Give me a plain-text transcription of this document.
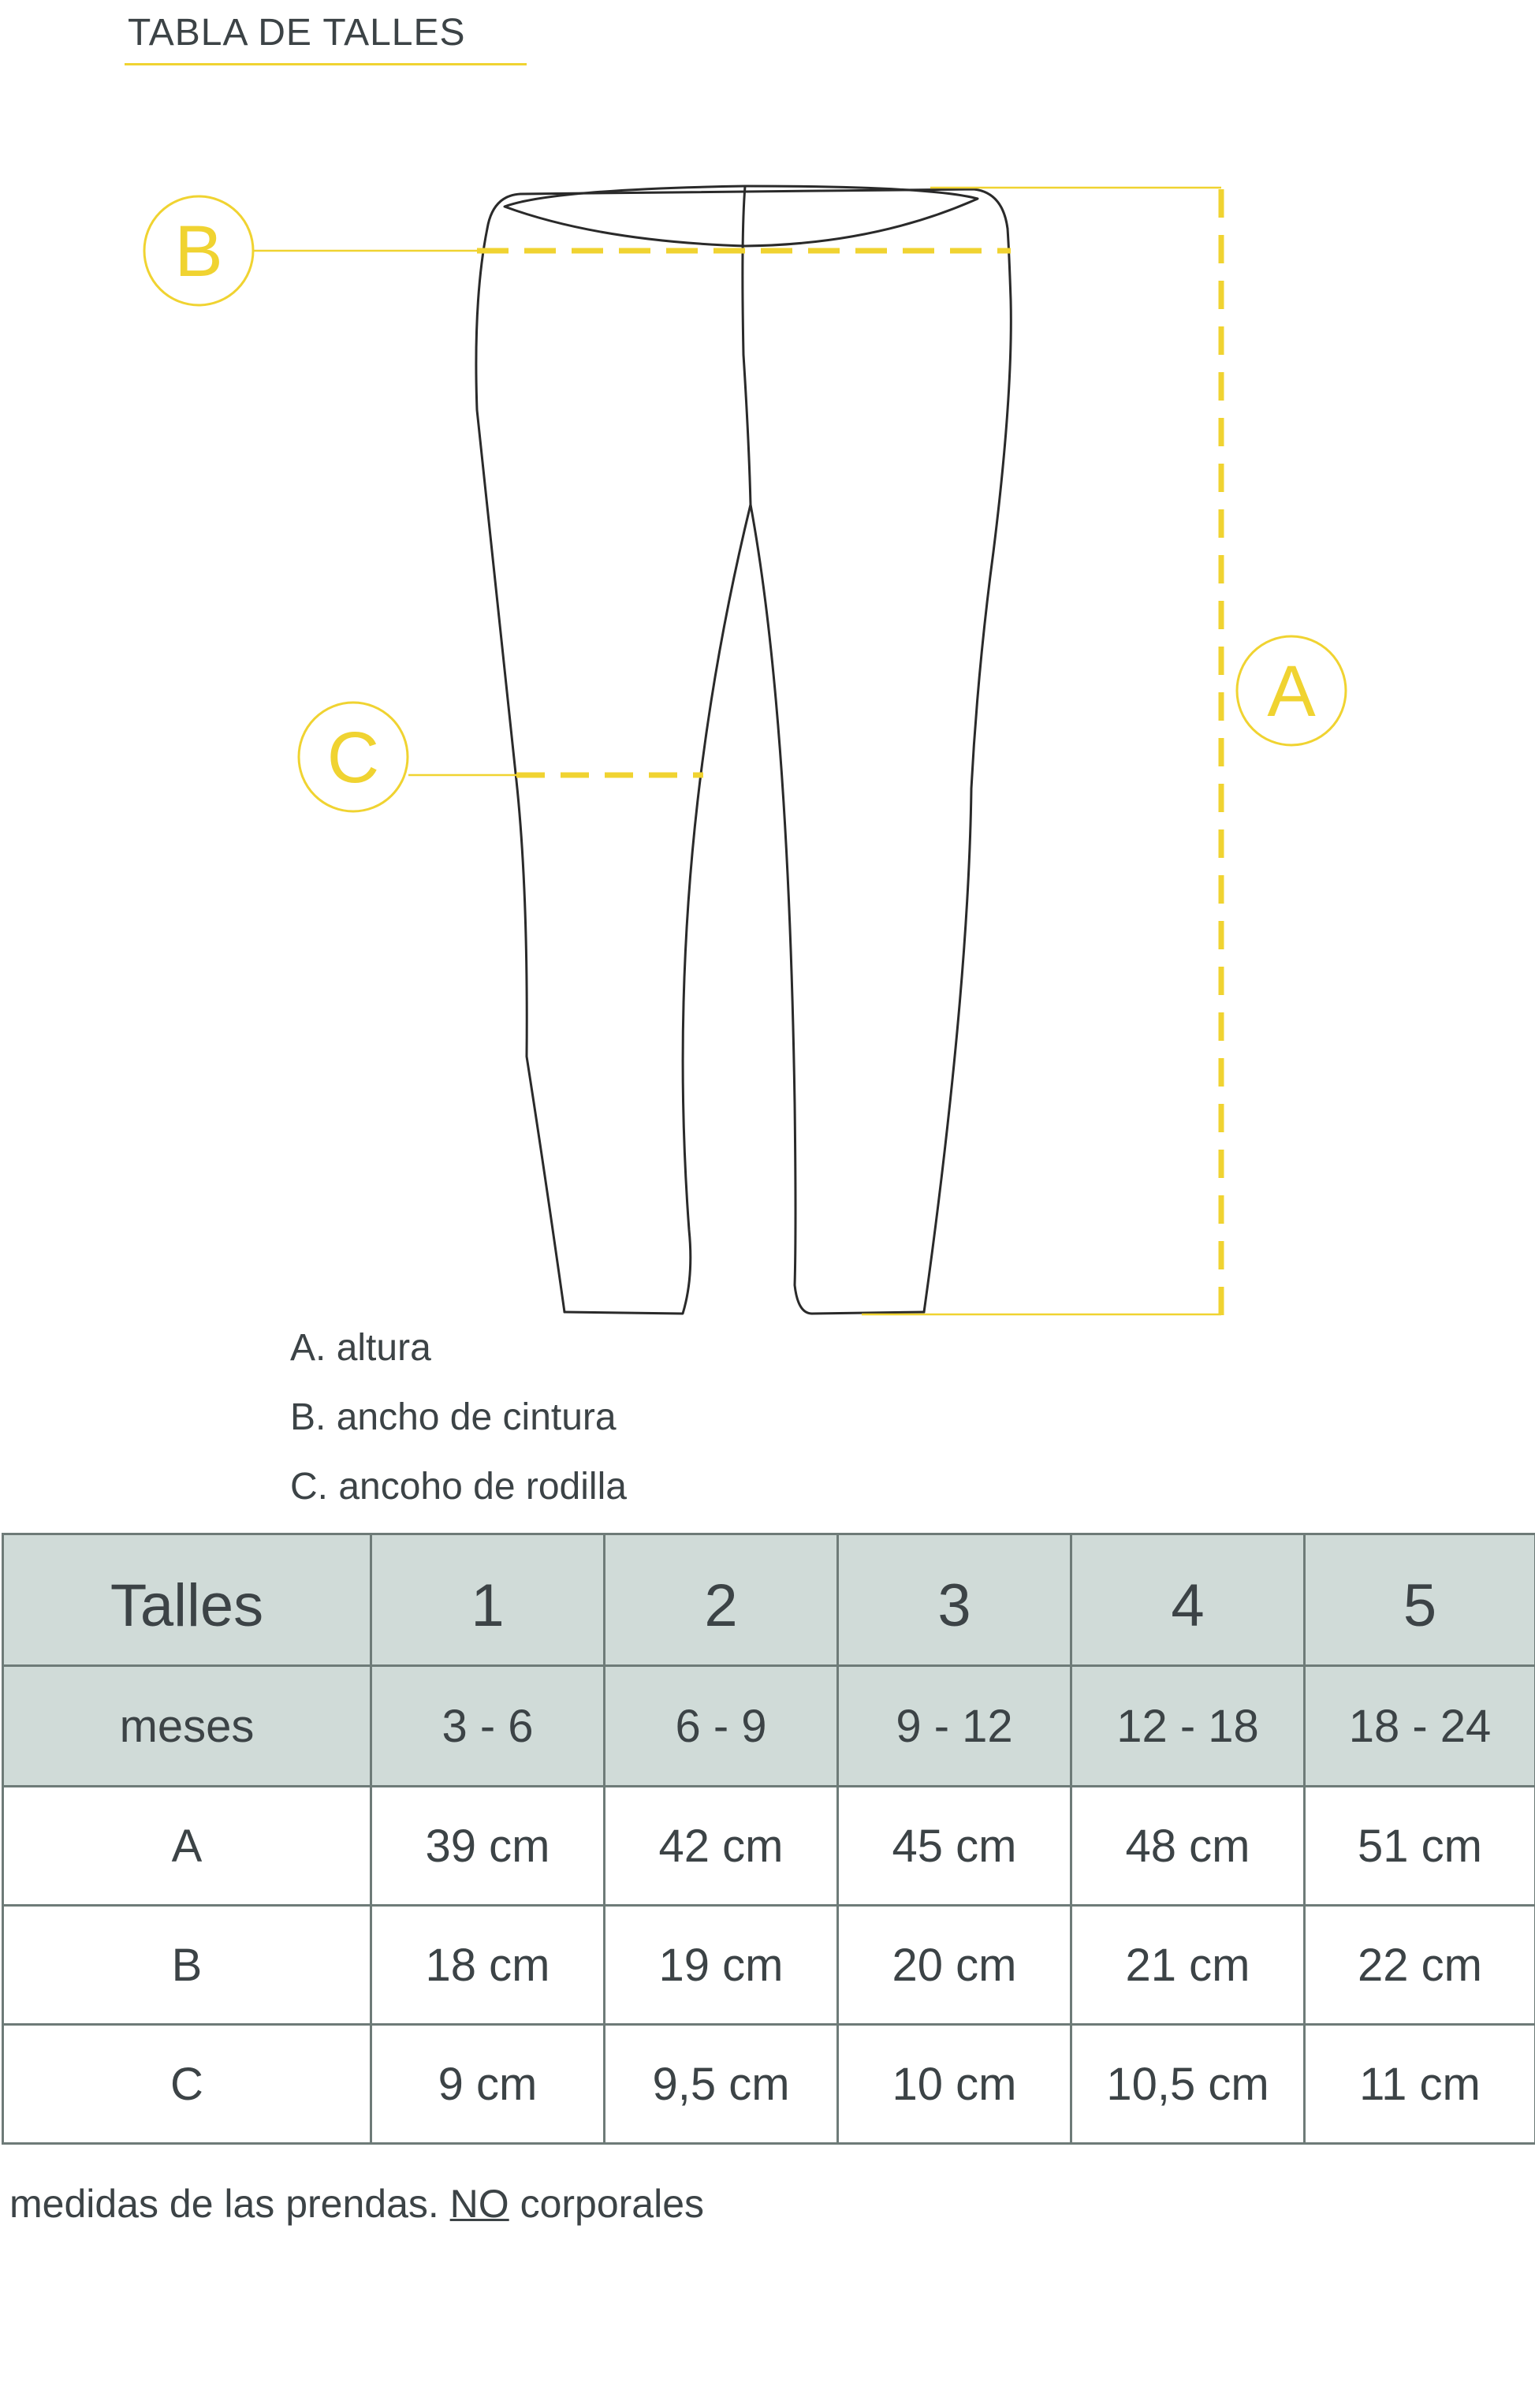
TABLA DE TALLES
B
C
A
A. altura
B. ancho de cintura
C. ancoho de rodilla
Talles	1	2	3	4	5
meses	3 - 6	6 - 9	9 - 12	12 - 18	18 - 24
A	39 cm	42 cm	45 cm	48 cm	51 cm
B	18 cm	19 cm	20 cm	21 cm	22 cm
C	9 cm	9,5 cm	10 cm	10,5 cm	11 cm
medidas de las prendas. NO corporales
